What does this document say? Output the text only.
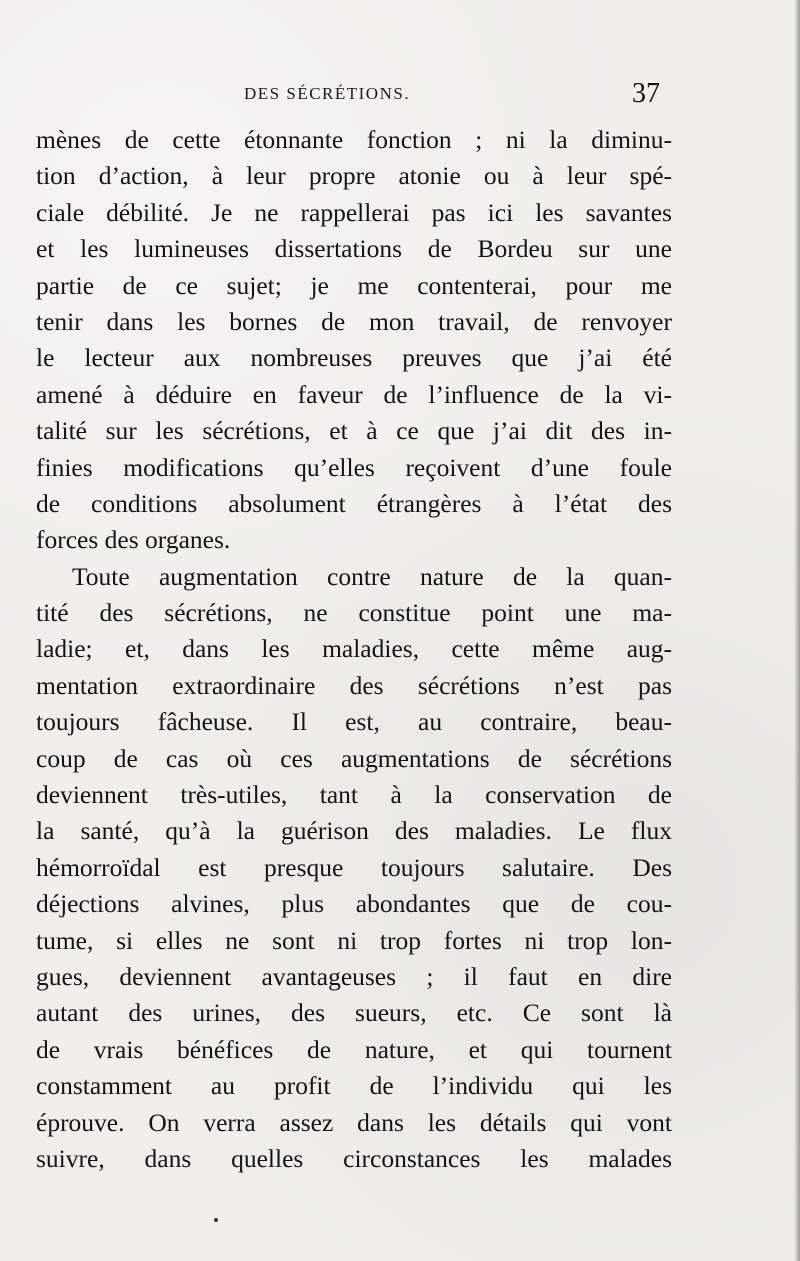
DES SÉCRÉTIONS.	37
mènes de cette étonnante fonction ; ni la diminu-
tion d’action, à leur propre atonie ou à leur spé-
ciale débilité. Je ne rappellerai pas ici les savantes
et les lumineuses dissertations de Bordeu sur une
partie de ce sujet; je me contenterai, pour me
tenir dans les bornes de mon travail, de renvoyer
le lecteur aux nombreuses preuves que j’ai été
amené à déduire en faveur de l’influence de la vi-
talité sur les sécrétions, et à ce que j’ai dit des in-
finies modifications qu’elles reçoivent d’une foule
de conditions absolument étrangères à l’état des
forces des organes.
Toute augmentation contre nature de la quan-
tité des sécrétions, ne constitue point une ma-
ladie; et, dans les maladies, cette même aug-
mentation extraordinaire des sécrétions n’est pas
toujours fâcheuse. Il est, au contraire, beau-
coup de cas où ces augmentations de sécrétions
deviennent très-utiles, tant à la conservation de
la santé, qu’à la guérison des maladies. Le flux
hémorroïdal est presque toujours salutaire. Des
déjections alvines, plus abondantes que de cou-
tume, si elles ne sont ni trop fortes ni trop lon-
gues, deviennent avantageuses ; il faut en dire
autant des urines, des sueurs, etc. Ce sont là
de vrais bénéfices de nature, et qui tournent
constamment au profit de l’individu qui les
éprouve. On verra assez dans les détails qui vont
suivre, dans quelles circonstances les malades
